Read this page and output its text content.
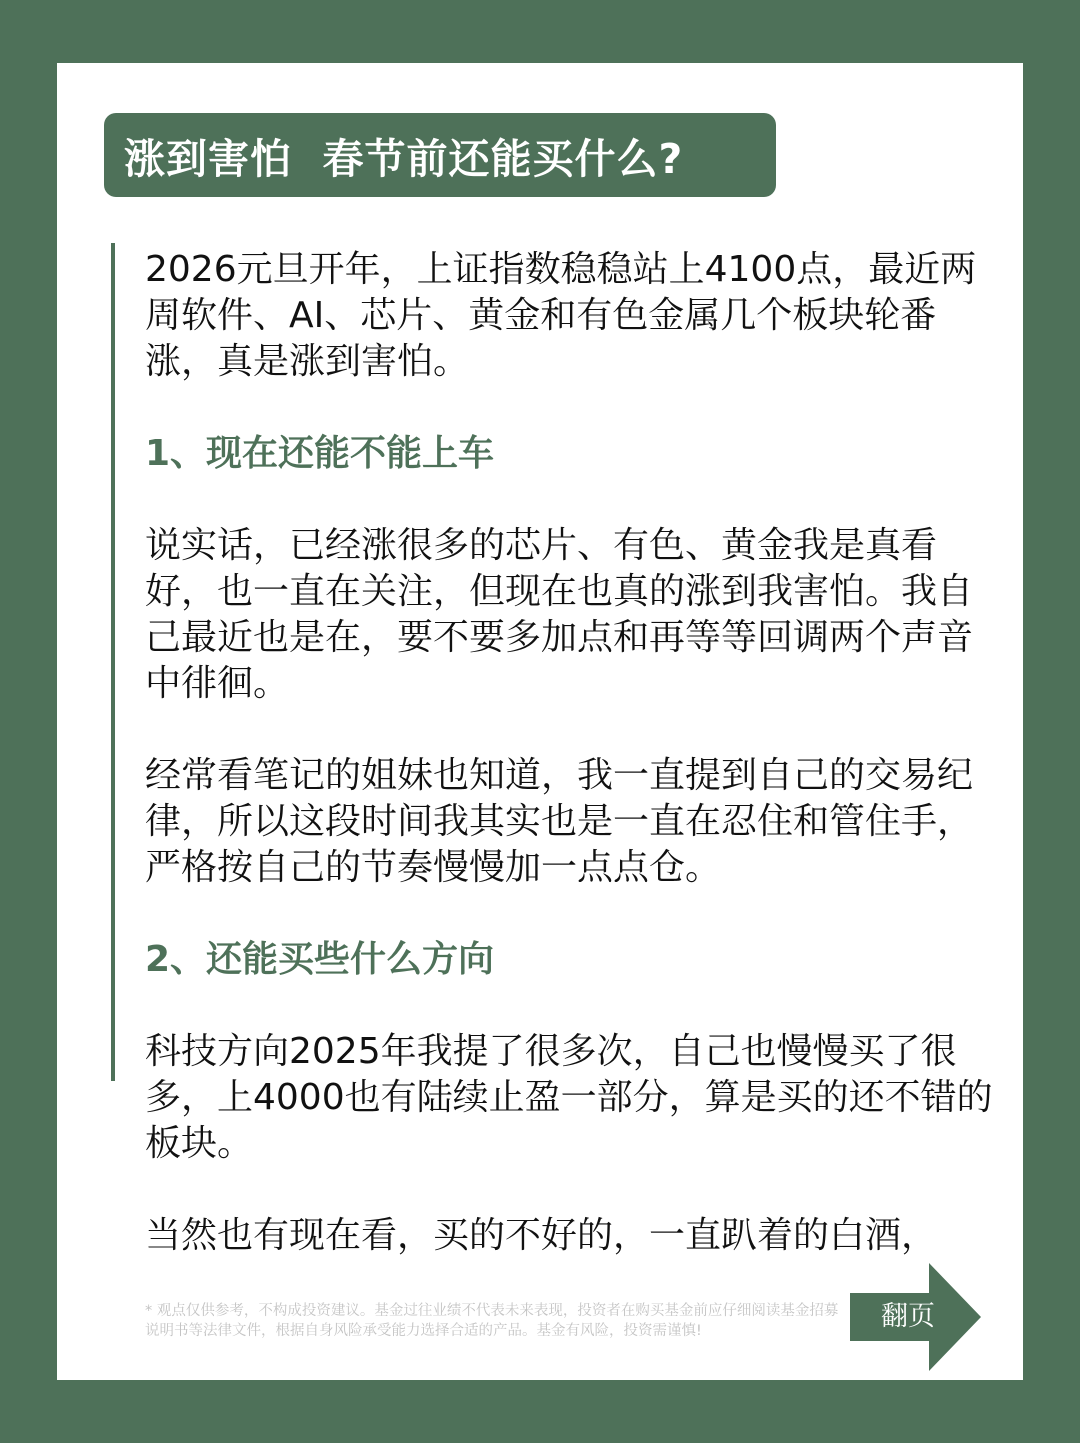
涨到害怕  春节前还能买什么?

2026元旦开年，上证指数稳稳站上4100点，最近两周软件、AI、芯片、黄金和有色金属几个板块轮番涨，真是涨到害怕。

1、现在还能不能上车

说实话，已经涨很多的芯片、有色、黄金我是真看好，也一直在关注，但现在也真的涨到我害怕。我自己最近也是在，要不要多加点和再等等回调两个声音中徘徊。

经常看笔记的姐妹也知道，我一直提到自己的交易纪律，所以这段时间我其实也是一直在忍住和管住手，严格按自己的节奏慢慢加一点点仓。

2、还能买些什么方向

科技方向2025年我提了很多次，自己也慢慢买了很多，上4000也有陆续止盈一部分，算是买的还不错的板块。

当然也有现在看，买的不好的，一直趴着的白酒，

* 观点仅供参考，不构成投资建议。基金过往业绩不代表未来表现，投资者在购买基金前应仔细阅读基金招募说明书等法律文件，根据自身风险承受能力选择合适的产品。基金有风险，投资需谨慎!	翻页
